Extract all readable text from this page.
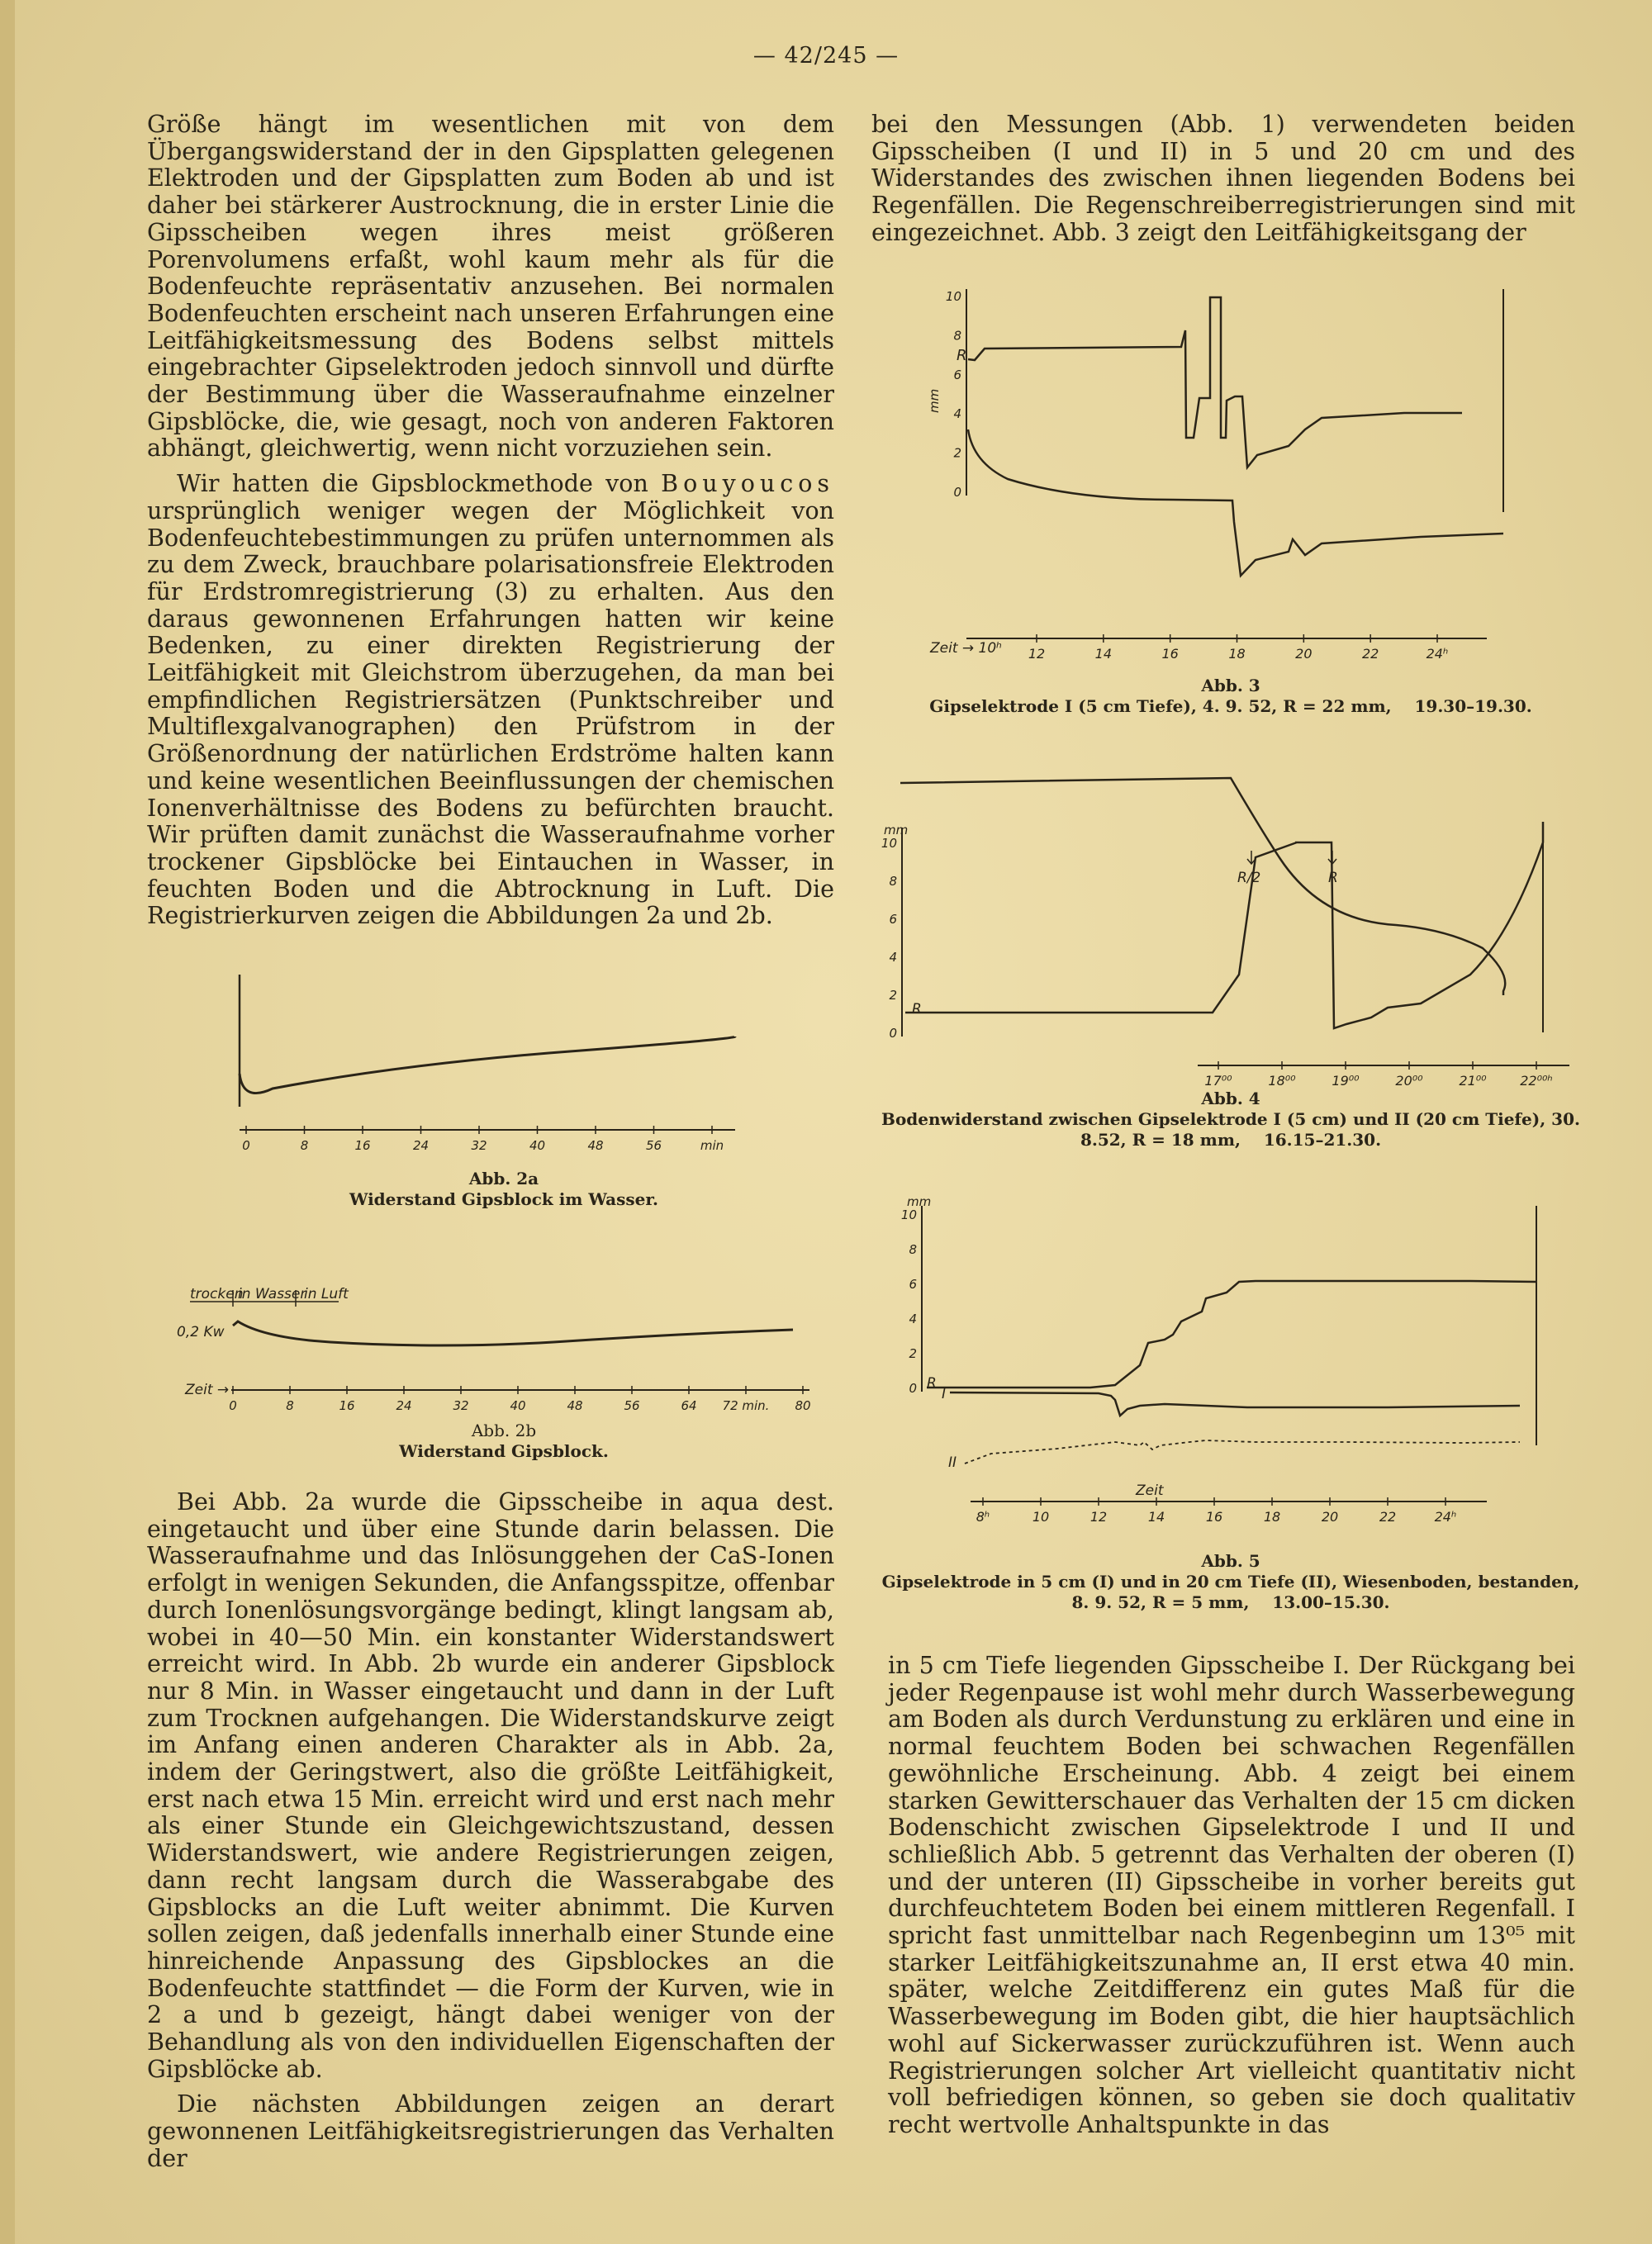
— 42/245 —

Größe hängt im wesentlichen mit von dem Übergangswiderstand der in den Gipsplatten gelegenen Elektroden und der Gipsplatten zum Boden ab und ist daher bei stärkerer Austrocknung, die in erster Linie die Gipsscheiben wegen ihres meist größeren Porenvolumens erfaßt, wohl kaum mehr als für die Bodenfeuchte repräsentativ anzusehen. Bei normalen Bodenfeuchten erscheint nach unseren Erfahrungen eine Leitfähigkeitsmessung des Bodens selbst mittels eingebrachter Gipselektroden jedoch sinnvoll und dürfte der Bestimmung über die Wasseraufnahme einzelner Gipsblöcke, die, wie gesagt, noch von anderen Faktoren abhängt, gleichwertig, wenn nicht vorzuziehen sein.

Wir hatten die Gipsblockmethode von Bouyoucos ursprünglich weniger wegen der Möglichkeit von Bodenfeuchtebestimmungen zu prüfen unternommen als zu dem Zweck, brauchbare polarisationsfreie Elektroden für Erdstromregistrierung (3) zu erhalten. Aus den daraus gewonnenen Erfahrungen hatten wir keine Bedenken, zu einer direkten Registrierung der Leitfähigkeit mit Gleichstrom überzugehen, da man bei empfindlichen Registriersätzen (Punktschreiber und Multiflexgalvanographen) den Prüfstrom in der Größenordnung der natürlichen Erdströme halten kann und keine wesentlichen Beeinflussungen der chemischen Ionenverhältnisse des Bodens zu befürchten braucht. Wir prüften damit zunächst die Wasseraufnahme vorher trockener Gipsblöcke bei Eintauchen in Wasser, in feuchten Boden und die Abtrocknung in Luft. Die Registrierkurven zeigen die Abbildungen 2a und 2b.

Bei Abb. 2a wurde die Gipsscheibe in aqua dest. eingetaucht und über eine Stunde darin belassen. Die Wasseraufnahme und das Inlösunggehen der CaS-Ionen erfolgt in wenigen Sekunden, die Anfangsspitze, offenbar durch Ionenlösungsvorgänge bedingt, klingt langsam ab, wobei in 40—50 Min. ein konstanter Widerstandswert erreicht wird. In Abb. 2b wurde ein anderer Gipsblock nur 8 Min. in Wasser eingetaucht und dann in der Luft zum Trocknen aufgehangen. Die Widerstandskurve zeigt im Anfang einen anderen Charakter als in Abb. 2a, indem der Geringstwert, also die größte Leitfähigkeit, erst nach etwa 15 Min. erreicht wird und erst nach mehr als einer Stunde ein Gleichgewichtszustand, dessen Widerstandswert, wie andere Registrierungen zeigen, dann recht langsam durch die Wasserabgabe des Gipsblocks an die Luft weiter abnimmt. Die Kurven sollen zeigen, daß jedenfalls innerhalb einer Stunde eine hinreichende Anpassung des Gipsblockes an die Bodenfeuchte stattfindet — die Form der Kurven, wie in 2 a und b gezeigt, hängt dabei weniger von der Behandlung als von den individuellen Eigenschaften der Gipsblöcke ab.

Die nächsten Abbildungen zeigen an derart gewonnenen Leitfähigkeitsregistrierungen das Verhalten der

bei den Messungen (Abb. 1) verwendeten beiden Gipsscheiben (I und II) in 5 und 20 cm und des Widerstandes des zwischen ihnen liegenden Bodens bei Regenfällen. Die Regenschreiberregistrierungen sind mit eingezeichnet. Abb. 3 zeigt den Leitfähigkeitsgang der

in 5 cm Tiefe liegenden Gipsscheibe I. Der Rückgang bei jeder Regenpause ist wohl mehr durch Wasserbewegung am Boden als durch Verdunstung zu erklären und eine in normal feuchtem Boden bei schwachen Regenfällen gewöhnliche Erscheinung. Abb. 4 zeigt bei einem starken Gewitterschauer das Verhalten der 15 cm dicken Bodenschicht zwischen Gipselektrode I und II und schließlich Abb. 5 getrennt das Verhalten der oberen (I) und der unteren (II) Gipsscheibe in vorher bereits gut durchfeuchtetem Boden bei einem mittleren Regenfall. I spricht fast unmittelbar nach Regenbeginn um 13⁰⁵ mit starker Leitfähigkeitszunahme an, II erst etwa 40 min. später, welche Zeitdifferenz ein gutes Maß für die Wasserbewegung im Boden gibt, die hier hauptsächlich wohl auf Sickerwasser zurückzuführen ist. Wenn auch Registrierungen solcher Art vielleicht quantitativ nicht voll befriedigen können, so geben sie doch qualitativ recht wertvolle Anhaltspunkte in das

0	8	16	24	32	40	48	56	min
Abb. 2a
Widerstand Gipsblock im Wasser.
trocken
in Wasser
in Luft
0,2 Kw
Zeit →
0	8	16	24	32	40	48	56	64 72 min. 80
Abb. 2b
Widerstand Gipsblock.
mm
10
8
6
4
2
0
R
Zeit → 10ʰ 12	14	16	18	20	22	24ʰ
Abb. 3
Gipselektrode I (5 cm Tiefe), 4. 9. 52, R = 22 mm, 19.30–19.30.
mm
10
8
6
4
2
0
R
R/2	R
17⁰⁰	18⁰⁰	19⁰⁰	20⁰⁰	21⁰⁰	22⁰⁰ʰ
Abb. 4
Bodenwiderstand zwischen Gipselektrode I (5 cm) und II (20 cm Tiefe), 30. 8.52, R = 18 mm, 16.15–21.30.
mm
10
8
6
4
2
0 R
I
II
Zeit
8ʰ	10	12	14	16	18	20	22	24ʰ
Abb. 5
Gipselektrode in 5 cm (I) und in 20 cm Tiefe (II), Wiesenboden, bestanden, 8. 9. 52, R = 5 mm, 13.00–15.30.
